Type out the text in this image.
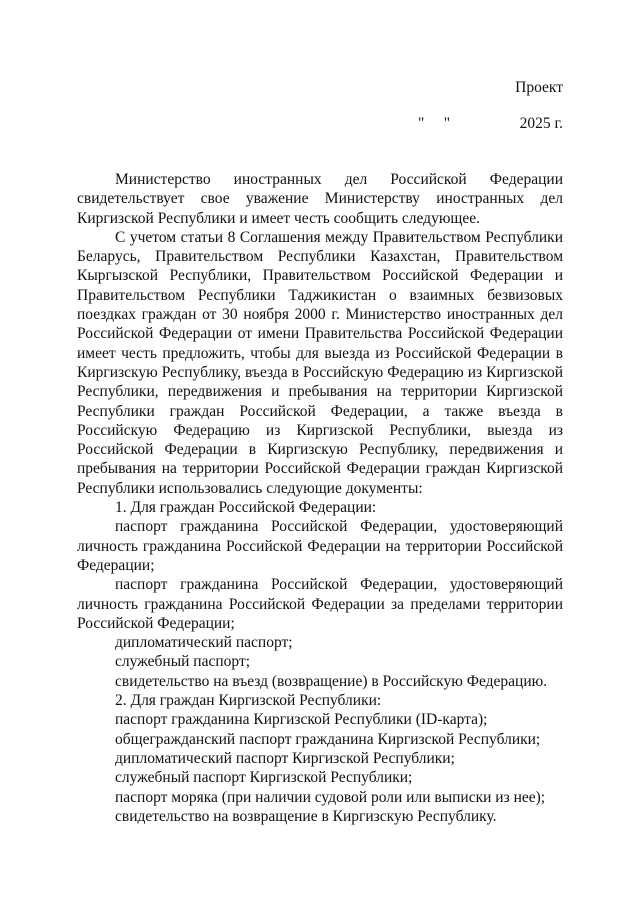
Проект
"     "	2025 г.

Министерство иностранных дел Российской Федерации свидетельствует свое уважение Министерству иностранных дел Киргизской Республики и имеет честь сообщить следующее.

С учетом статьи 8 Соглашения между Правительством Республики Беларусь, Правительством Республики Казахстан, Правительством Кыргызской Республики, Правительством Российской Федерации и Правительством Республики Таджикистан о взаимных безвизовых поездках граждан от 30 ноября 2000 г. Министерство иностранных дел Российской Федерации от имени Правительства Российской Федерации имеет честь предложить, чтобы для выезда из Российской Федерации в Киргизскую Республику, въезда в Российскую Федерацию из Киргизской Республики, передвижения и пребывания на территории Киргизской Республики граждан Российской Федерации, а также въезда в Российскую Федерацию из Киргизской Республики, выезда из Российской Федерации в Киргизскую Республику, передвижения и пребывания на территории Российской Федерации граждан Киргизской Республики использовались следующие документы:

1. Для граждан Российской Федерации:

паспорт гражданина Российской Федерации, удостоверяющий личность гражданина Российской Федерации на территории Российской Федерации;

паспорт гражданина Российской Федерации, удостоверяющий личность гражданина Российской Федерации за пределами территории Российской Федерации;

дипломатический паспорт;

служебный паспорт;

свидетельство на въезд (возвращение) в Российскую Федерацию.

2. Для граждан Киргизской Республики:

паспорт гражданина Киргизской Республики (ID-карта);

общегражданский паспорт гражданина Киргизской Республики;

дипломатический паспорт Киргизской Республики;

служебный паспорт Киргизской Республики;

паспорт моряка (при наличии судовой роли или выписки из нее);

свидетельство на возвращение в Киргизскую Республику.
